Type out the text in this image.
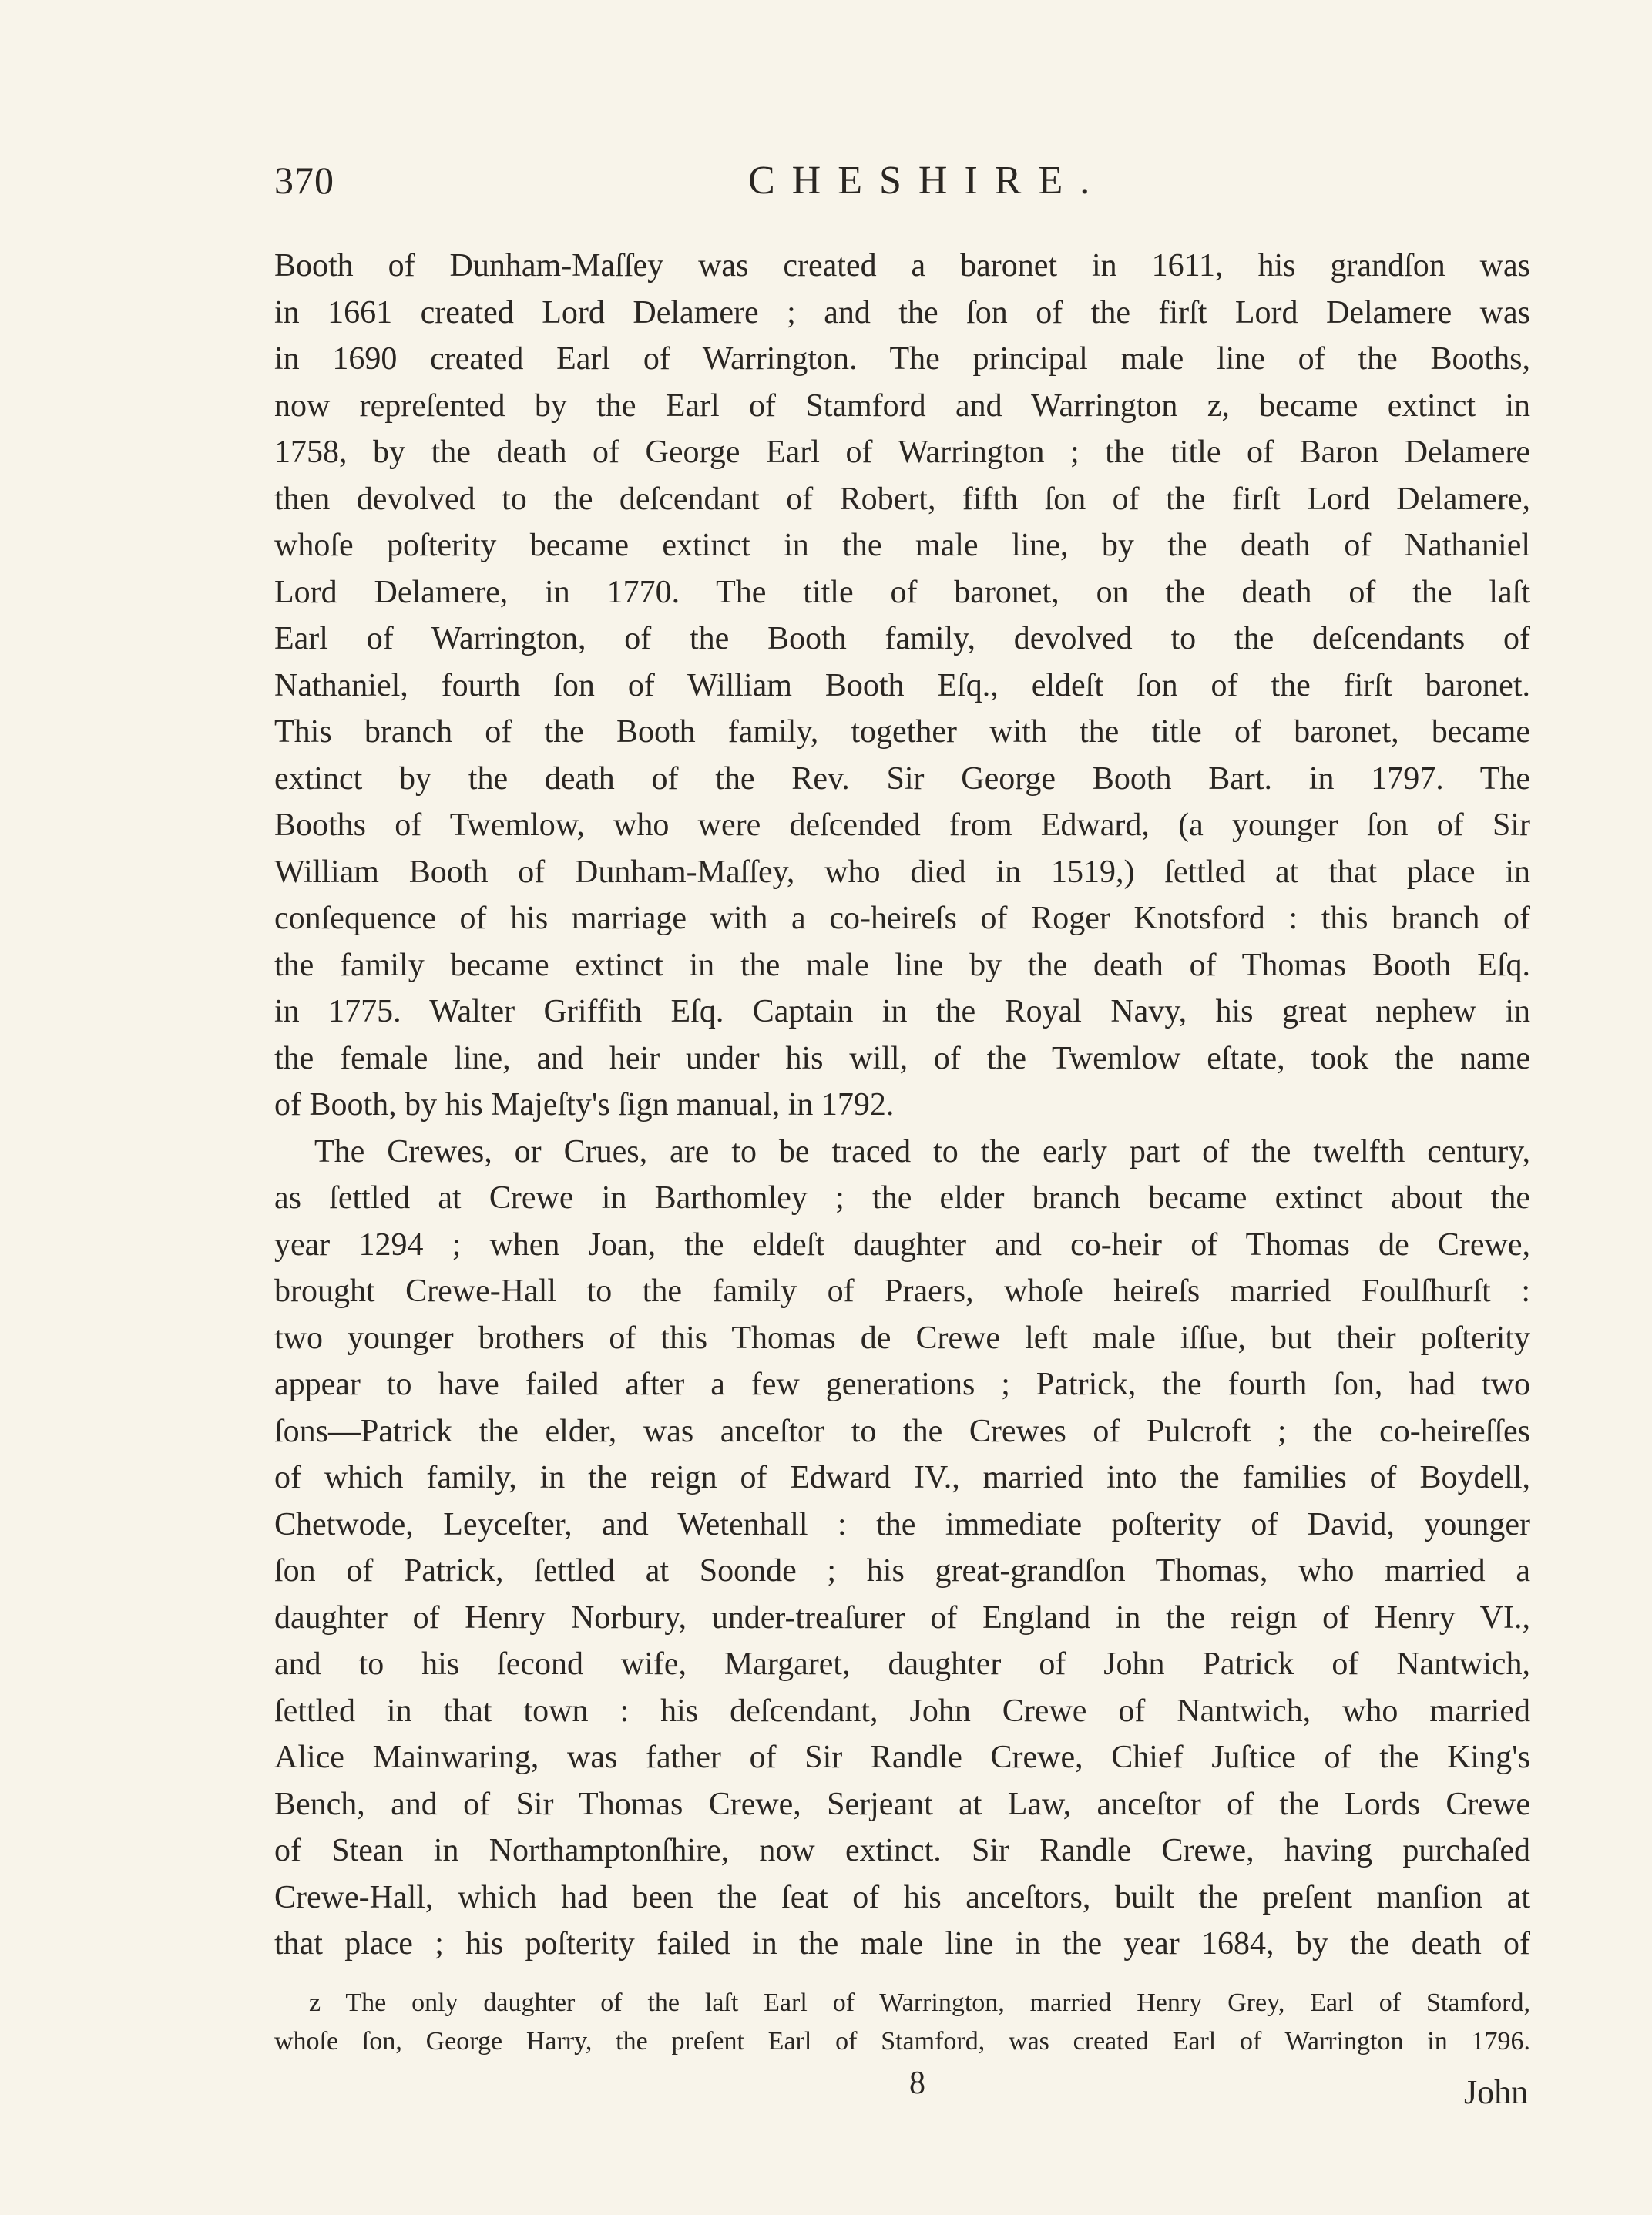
370	CHESHIRE.
Booth of Dunham-Maſſey was created a baronet in 1611, his grandſon was
in 1661 created Lord Delamere ; and the ſon of the firſt Lord Delamere was
in 1690 created Earl of Warrington. The principal male line of the Booths,
now repreſented by the Earl of Stamford and Warrington z, became extinct in
1758, by the death of George Earl of Warrington ; the title of Baron Delamere
then devolved to the deſcendant of Robert, fifth ſon of the firſt Lord Delamere,
whoſe poſterity became extinct in the male line, by the death of Nathaniel
Lord Delamere, in 1770. The title of baronet, on the death of the laſt
Earl of Warrington, of the Booth family, devolved to the deſcendants of
Nathaniel, fourth ſon of William Booth Eſq., eldeſt ſon of the firſt baronet.
This branch of the Booth family, together with the title of baronet, became
extinct by the death of the Rev. Sir George Booth Bart. in 1797. The
Booths of Twemlow, who were deſcended from Edward, (a younger ſon of Sir
William Booth of Dunham-Maſſey, who died in 1519,) ſettled at that place in
conſequence of his marriage with a co-heireſs of Roger Knotsford : this branch of
the family became extinct in the male line by the death of Thomas Booth Eſq.
in 1775. Walter Griffith Eſq. Captain in the Royal Navy, his great nephew in
the female line, and heir under his will, of the Twemlow eſtate, took the name
of Booth, by his Majeſty's ſign manual, in 1792.
The Crewes, or Crues, are to be traced to the early part of the twelfth century,
as ſettled at Crewe in Barthomley ; the elder branch became extinct about the
year 1294 ; when Joan, the eldeſt daughter and co-heir of Thomas de Crewe,
brought Crewe-Hall to the family of Praers, whoſe heireſs married Foulſhurſt :
two younger brothers of this Thomas de Crewe left male iſſue, but their poſterity
appear to have failed after a few generations ; Patrick, the fourth ſon, had two
ſons—Patrick the elder, was anceſtor to the Crewes of Pulcroft ; the co-heireſſes
of which family, in the reign of Edward IV., married into the families of Boydell,
Chetwode, Leyceſter, and Wetenhall : the immediate poſterity of David, younger
ſon of Patrick, ſettled at Soonde ; his great-grandſon Thomas, who married a
daughter of Henry Norbury, under-treaſurer of England in the reign of Henry VI.,
and to his ſecond wife, Margaret, daughter of John Patrick of Nantwich,
ſettled in that town : his deſcendant, John Crewe of Nantwich, who married
Alice Mainwaring, was father of Sir Randle Crewe, Chief Juſtice of the King's
Bench, and of Sir Thomas Crewe, Serjeant at Law, anceſtor of the Lords Crewe
of Stean in Northamptonſhire, now extinct. Sir Randle Crewe, having purchaſed
Crewe-Hall, which had been the ſeat of his anceſtors, built the preſent manſion at
that place ; his poſterity failed in the male line in the year 1684, by the death of
z The only daughter of the laſt Earl of Warrington, married Henry Grey, Earl of Stamford,
whoſe ſon, George Harry, the preſent Earl of Stamford, was created Earl of Warrington in 1796.
8	John
